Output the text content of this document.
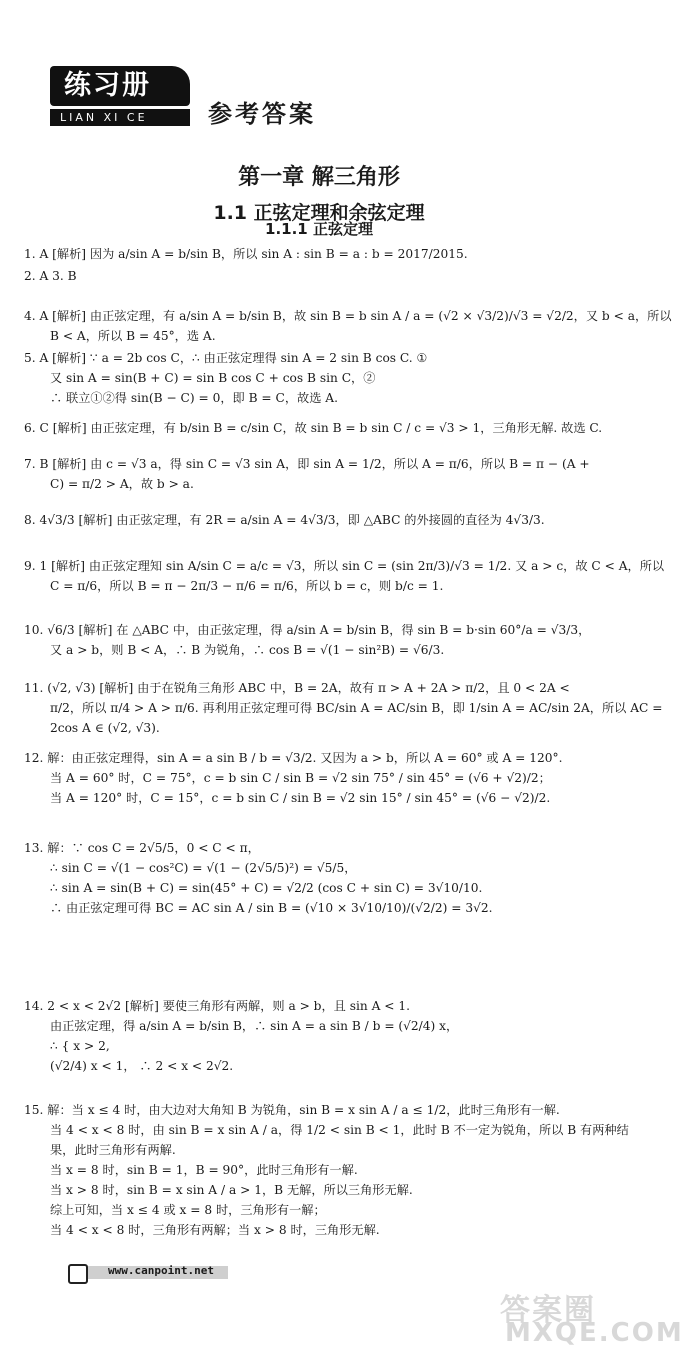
练习册
LIAN XI CE	参考答案
第一章 解三角形
1.1 正弦定理和余弦定理
1.1.1 正弦定理
1. A [解析] 因为 a/sin A = b/sin B，所以 sin A : sin B = a : b = 2017/2015.
2. A 3. B
4. A [解析] 由正弦定理，有 a/sin A = b/sin B，故 sin B = b sin A / a = (√2 × √3/2)/√3 = √2/2，又 b < a，所以
B < A，所以 B = 45°，选 A.
5. A [解析] ∵ a = 2b cos C，∴ 由正弦定理得 sin A = 2 sin B cos C. ①
又 sin A = sin(B + C) = sin B cos C + cos B sin C，②
∴ 联立①②得 sin(B − C) = 0，即 B = C，故选 A.
6. C [解析] 由正弦定理，有 b/sin B = c/sin C，故 sin B = b sin C / c = √3 > 1，三角形无解. 故选 C.
7. B [解析] 由 c = √3 a，得 sin C = √3 sin A，即 sin A = 1/2，所以 A = π/6，所以 B = π − (A +
C) = π/2 > A，故 b > a.
8. 4√3/3 [解析] 由正弦定理，有 2R = a/sin A = 4√3/3，即 △ABC 的外接圆的直径为 4√3/3.
9. 1 [解析] 由正弦定理知 sin A/sin C = a/c = √3，所以 sin C = (sin 2π/3)/√3 = 1/2. 又 a > c，故 C < A，所以
C = π/6，所以 B = π − 2π/3 − π/6 = π/6，所以 b = c，则 b/c = 1.
10. √6/3 [解析] 在 △ABC 中，由正弦定理，得 a/sin A = b/sin B，得 sin B = b·sin 60°/a = √3/3，
又 a > b，则 B < A，∴ B 为锐角，∴ cos B = √(1 − sin²B) = √6/3.
11. (√2, √3) [解析] 由于在锐角三角形 ABC 中，B = 2A，故有 π > A + 2A > π/2，且 0 < 2A <
π/2，所以 π/4 > A > π/6. 再利用正弦定理可得 BC/sin A = AC/sin B，即 1/sin A = AC/sin 2A，所以 AC =
2cos A ∈ (√2, √3).
12. 解：由正弦定理得，sin A = a sin B / b = √3/2. 又因为 a > b，所以 A = 60° 或 A = 120°.
当 A = 60° 时，C = 75°，c = b sin C / sin B = √2 sin 75° / sin 45° = (√6 + √2)/2；
当 A = 120° 时，C = 15°，c = b sin C / sin B = √2 sin 15° / sin 45° = (√6 − √2)/2.
13. 解：∵ cos C = 2√5/5，0 < C < π，
∴ sin C = √(1 − cos²C) = √(1 − (2√5/5)²) = √5/5，
∴ sin A = sin(B + C) = sin(45° + C) = √2/2 (cos C + sin C) = 3√10/10.
∴ 由正弦定理可得 BC = AC sin A / sin B = (√10 × 3√10/10)/(√2/2) = 3√2.
14. 2 < x < 2√2 [解析] 要使三角形有两解，则 a > b，且 sin A < 1.
由正弦定理，得 a/sin A = b/sin B，∴ sin A = a sin B / b = (√2/4) x，
∴ { x > 2,
(√2/4) x < 1， ∴ 2 < x < 2√2.
15. 解：当 x ≤ 4 时，由大边对大角知 B 为锐角，sin B = x sin A / a ≤ 1/2，此时三角形有一解.
当 4 < x < 8 时，由 sin B = x sin A / a，得 1/2 < sin B < 1，此时 B 不一定为锐角，所以 B 有两种结
果，此时三角形有两解.
当 x = 8 时，sin B = 1，B = 90°，此时三角形有一解.
当 x > 8 时，sin B = x sin A / a > 1，B 无解，所以三角形无解.
综上可知，当 x ≤ 4 或 x = 8 时，三角形有一解；
当 4 < x < 8 时，三角形有两解；当 x > 8 时，三角形无解.
www.canpoint.net
答案圈
MXQE.COM
